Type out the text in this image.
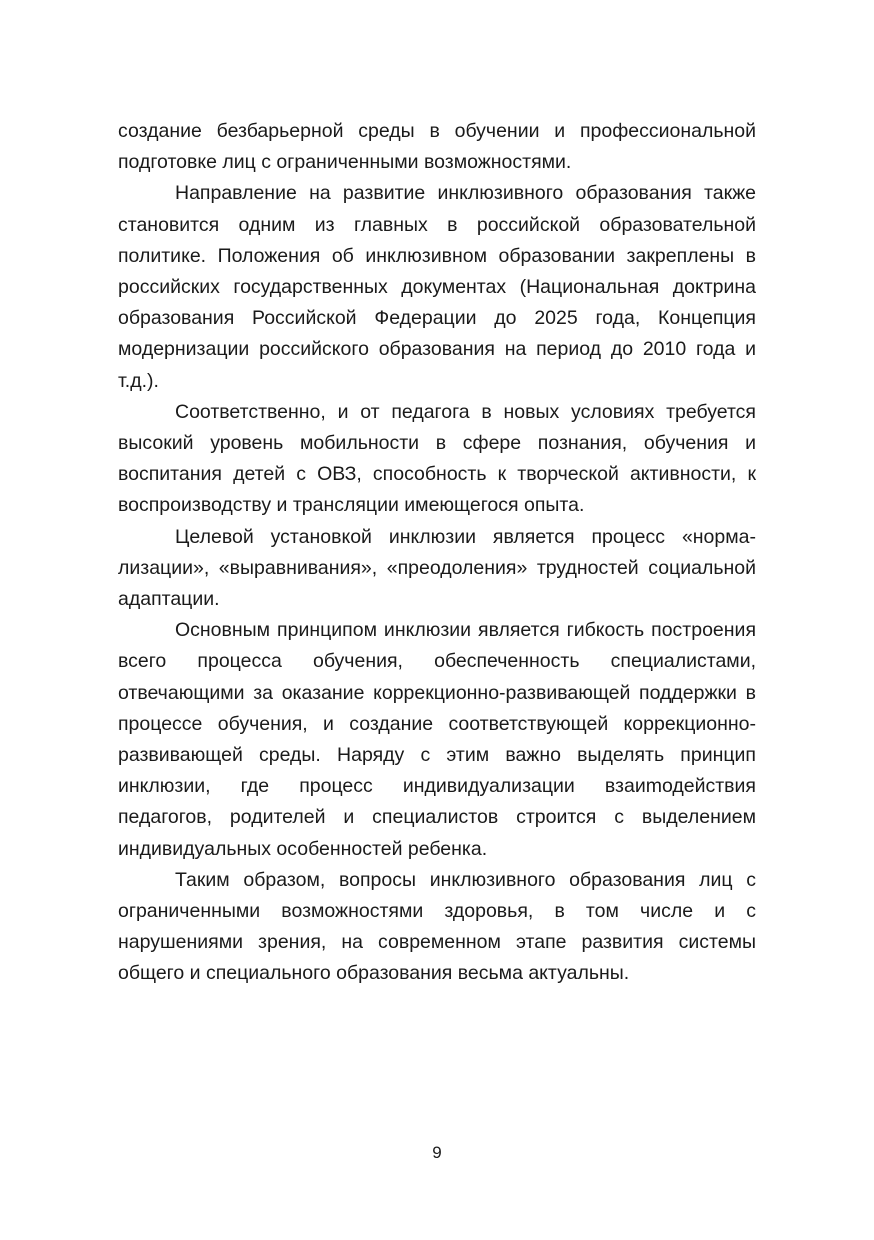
создание безбарьерной среды в обучении и профессиональной подготовке лиц с ограниченными возможностями.

Направление на развитие инклюзивного образования также становится одним из главных в российской образовательной политике. Положения об инклюзивном образовании закреплены в российских государственных документах (Национальная доктрина образования Российской Федерации до 2025 года, Концепция модернизации российского образования на период до 2010 года и т.д.).

Соответственно, и от педагога в новых условиях требуется высокий уровень мобильности в сфере познания, обучения и воспитания детей с ОВЗ, способность к творческой активности, к воспроизводству и трансляции имеющегося опыта.

Целевой установкой инклюзии является процесс «нормализации», «выравнивания», «преодоления» трудностей социальной адаптации.

Основным принципом инклюзии является гибкость построения всего процесса обучения, обеспеченность специалистами, отвечающими за оказание коррекционно-развивающей поддержки в процессе обучения, и создание соответствующей коррекционно-развивающей среды. Наряду с этим важно выделять принцип инклюзии, где процесс индивидуализации взаиmодействия педагогов, родителей и специалистов строится с выделением индивидуальных особенностей ребенка.

Таким образом, вопросы инклюзивного образования лиц с ограниченными возможностями здоровья, в том числе и с нарушениями зрения, на современном этапе развития системы общего и специального образования весьма актуальны.

9
